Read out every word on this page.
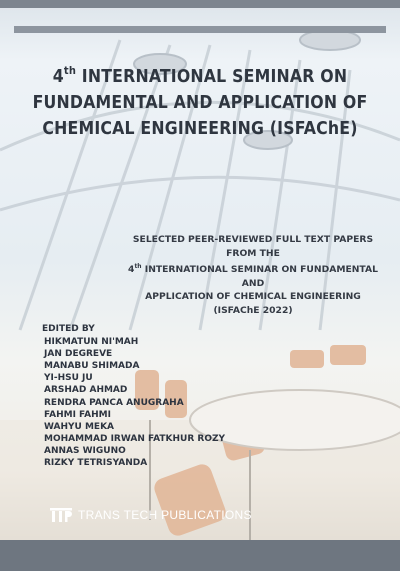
4th INTERNATIONAL SEMINAR ON
FUNDAMENTAL AND APPLICATION OF
CHEMICAL ENGINEERING (ISFAChE)
SELECTED PEER-REVIEWED FULL TEXT PAPERS FROM THE
4th INTERNATIONAL SEMINAR ON FUNDAMENTAL AND
APPLICATION OF CHEMICAL ENGINEERING
(ISFAChE 2022)
EDITED BY
HIKMATUN NI'MAH
JAN DEGREVE
MANABU SHIMADA
YI-HSU JU
ARSHAD AHMAD
RENDRA PANCA ANUGRAHA
FAHMI FAHMI
WAHYU MEKA
MOHAMMAD IRWAN FATKHUR ROZY
ANNAS WIGUNO
RIZKY TETRISYANDA
TRANS TECH PUBLICATIONS
